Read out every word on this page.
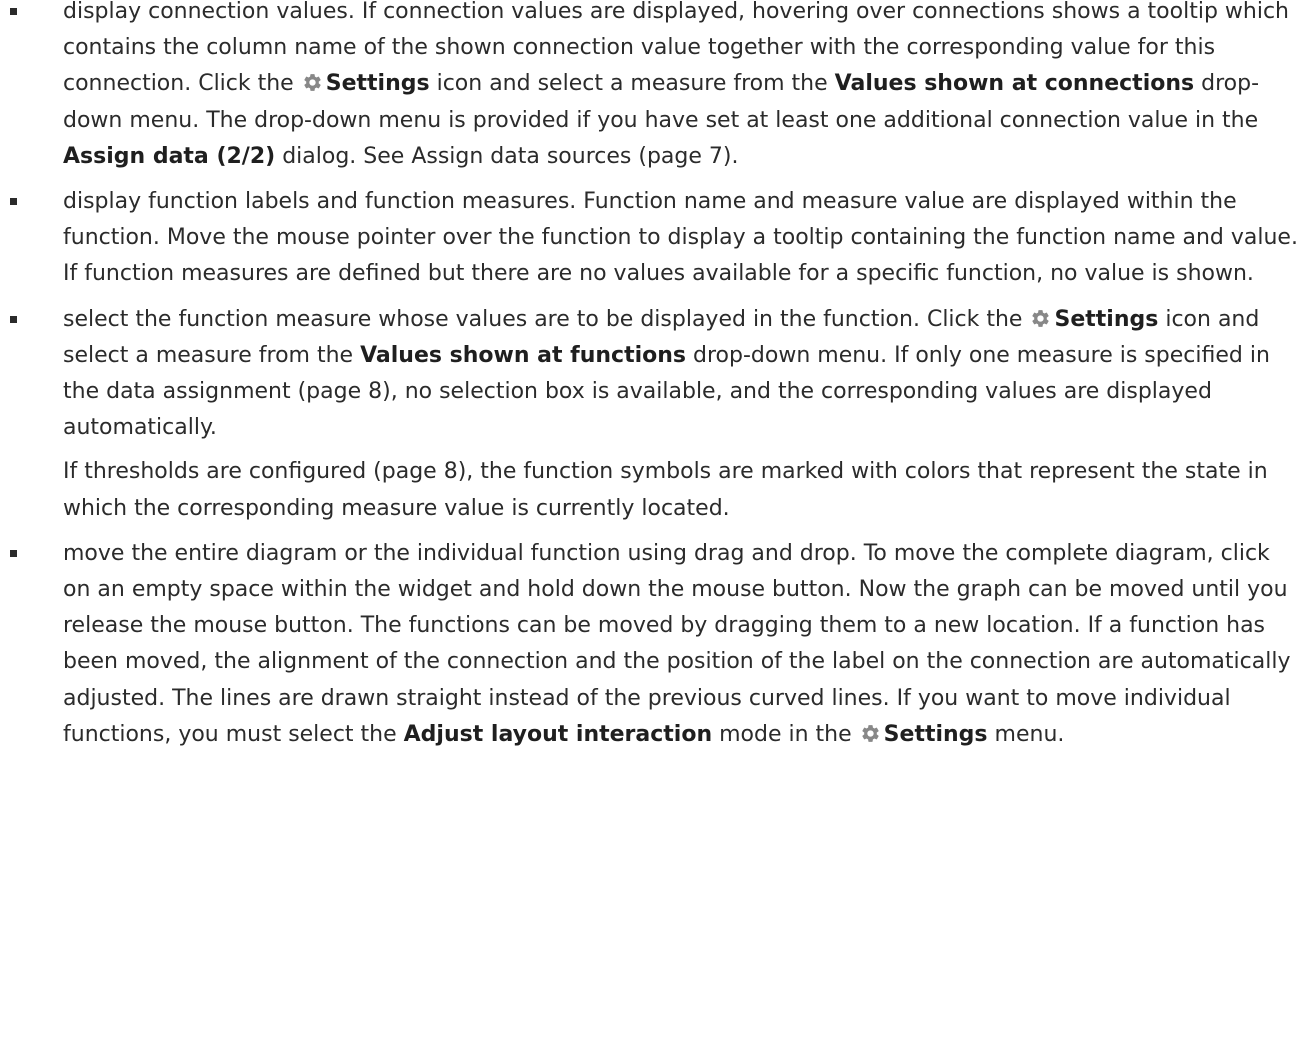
display connection values. If connection values are displayed, hovering over connections shows a tooltip which contains the column name of the shown connection value together with the corresponding value for this connection. Click the Settings icon and select a measure from the Values shown at connections drop-down menu. The drop-down menu is provided if you have set at least one additional connection value in the Assign data (2/2) dialog. See Assign data sources (page 7).

display function labels and function measures. Function name and measure value are displayed within the function. Move the mouse pointer over the function to display a tooltip containing the function name and value. If function measures are defined but there are no values available for a specific function, no value is shown.

select the function measure whose values are to be displayed in the function. Click the Settings icon and select a measure from the Values shown at functions drop-down menu. If only one measure is specified in the data assignment (page 8), no selection box is available, and the corresponding values are displayed automatically.

If thresholds are configured (page 8), the function symbols are marked with colors that represent the state in which the corresponding measure value is currently located.

move the entire diagram or the individual function using drag and drop. To move the complete diagram, click on an empty space within the widget and hold down the mouse button. Now the graph can be moved until you release the mouse button. The functions can be moved by dragging them to a new location. If a function has been moved, the alignment of the connection and the position of the label on the connection are automatically adjusted. The lines are drawn straight instead of the previous curved lines. If you want to move individual functions, you must select the Adjust layout interaction mode in the Settings menu.
